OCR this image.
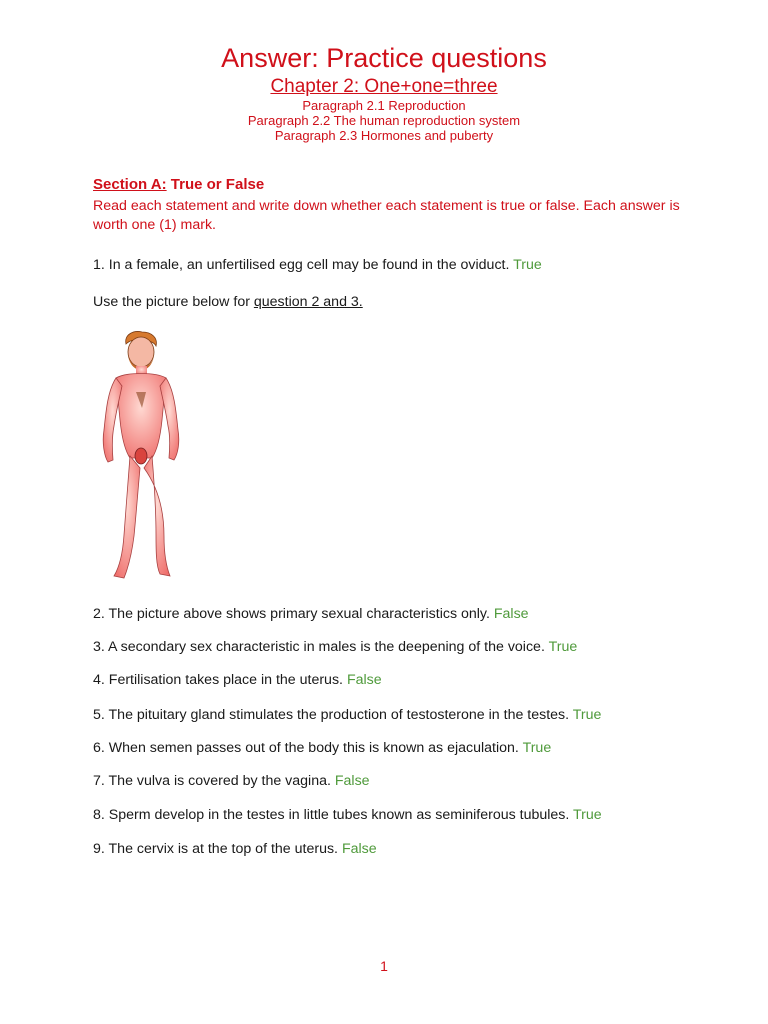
Answer: Practice questions
Chapter 2: One+one=three
Paragraph 2.1 Reproduction
Paragraph 2.2 The human reproduction system
Paragraph 2.3 Hormones and puberty
Section A: True or False
Read each statement and write down whether each statement is true or false. Each answer is worth one (1) mark.
1. In a female, an unfertilised egg cell may be found in the oviduct. True
Use the picture below for question 2 and 3.
2. The picture above shows primary sexual characteristics only. False
3. A secondary sex characteristic in males is the deepening of the voice. True
4. Fertilisation takes place in the uterus. False
5. The pituitary gland stimulates the production of testosterone in the testes. True
6. When semen passes out of the body this is known as ejaculation. True
7. The vulva is covered by the vagina. False
8. Sperm develop in the testes in little tubes known as seminiferous tubules. True
9. The cervix is at the top of the uterus. False
1
